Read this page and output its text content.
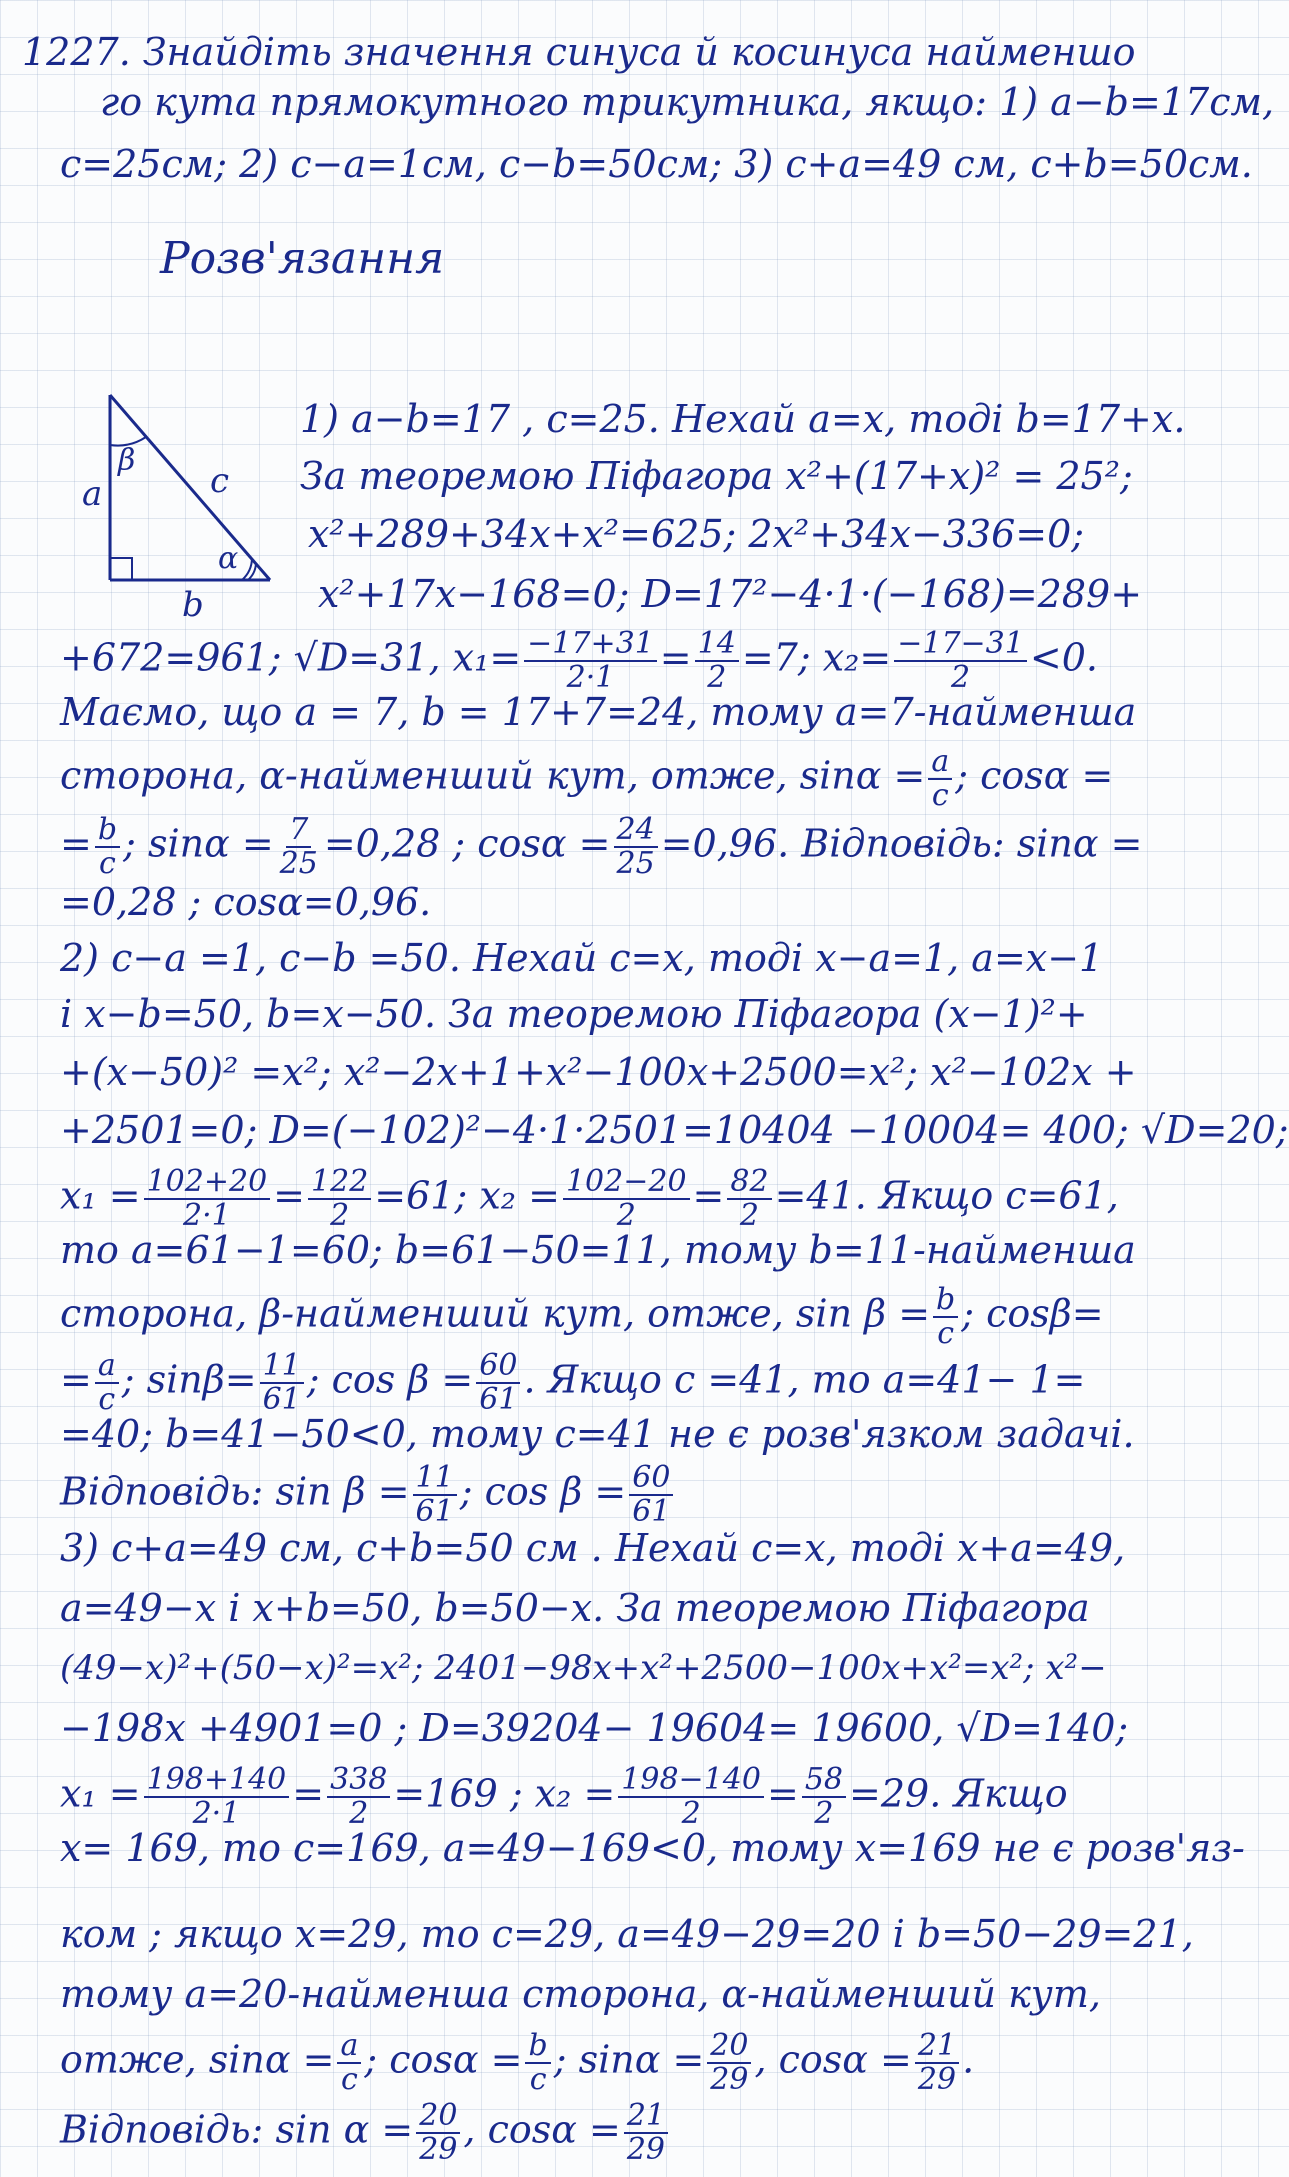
1227. Знайдіть значення синуса й косинуса найменшо
го кута прямокутного трикутника, якщо: 1) a−b=17см,
c=25см; 2) c−a=1см, c−b=50см; 3) c+a=49 см, c+b=50см.
Розв'язання
a
β
c
α
b
1) a−b=17 , c=25. Нехай a=x, тоді b=17+x.
За теоремою Піфагора x²+(17+x)² = 25²;
x²+289+34x+x²=625; 2x²+34x−336=0;
x²+17x−168=0; D=17²−4·1·(−168)=289+
+672=961; √D=31, $x_1= \frac{-17+31}{2\cdot 1} = \frac{14}{2} =7$; $x_2= \frac{-17-31}{2} <0$.
Маємо, що a = 7, b = 17+7=24, тому a=7-найменша
сторона, α-найменший кут, отже, $\sin\alpha = \frac{a}{c}$ ; cosα =
= $\frac{b}{c}$ ; $\sin\alpha = \frac{7}{25} =0,28$ ; $\cos\alpha = \frac{24}{25} =0,96$. Відповідь: sinα =
=0,28 ; cosα=0,96.
2) c−a =1, c−b =50. Нехай c=x, тоді x−a=1, a=x−1
і x−b=50, b=x−50. За теоремою Піфагора (x−1)²+
+(x−50)² =x²; x²−2x+1+x²−100x+2500=x²; x²−102x +
+2501=0; D=(−102)²−4·1·2501=10404 −10004= 400; √D=20;
$x_1 = \frac{102+20}{2\cdot 1} = \frac{122}{2} =61$; $x_2 = \frac{102-20}{2} = \frac{82}{2} =41$. Якщо c=61,
то a=61−1=60; b=61−50=11, тому b=11-найменша
сторона, β-найменший кут, отже, $\sin \beta = \frac{b}{c}$ ; cosβ=
= $\frac{a}{c}$ ; $\sin\beta= \frac{11}{61}$ ; $\cos \beta = \frac{60}{61}$ . Якщо c =41, то a=41− 1=
=40; b=41−50<0, тому c=41 не є розв'язком задачі.
Відповідь: $\sin \beta = \frac{11}{61}$ ; $\cos \beta = \frac{60}{61}$
3) c+a=49 см, c+b=50 см . Нехай c=x, тоді x+a=49,
a=49−x і x+b=50, b=50−x. За теоремою Піфагора
(49−x)²+(50−x)²=x²; 2401−98x+x²+2500−100x+x²=x²; x²−
−198x +4901=0 ; D=39204− 19604= 19600, √D=140;
$x_1 = \frac{198+140}{2\cdot 1} = \frac{338}{2} =169$ ; $x_2 = \frac{198-140}{2} = \frac{58}{2} =29$. Якщо
x= 169, то c=169, a=49−169<0, тому x=169 не є розв'яз-
ком ; якщо x=29, то c=29, a=49−29=20 і b=50−29=21,
тому a=20-найменша сторона, α-найменший кут,
отже, $\sin\alpha = \frac{a}{c}$ ; $\cos\alpha = \frac{b}{c}$ ; $\sin\alpha = \frac{20}{29}$ , $\cos\alpha = \frac{21}{29}$ .
Відповідь: $\sin \alpha = \frac{20}{29}$ , $\cos\alpha = \frac{21}{29}$
